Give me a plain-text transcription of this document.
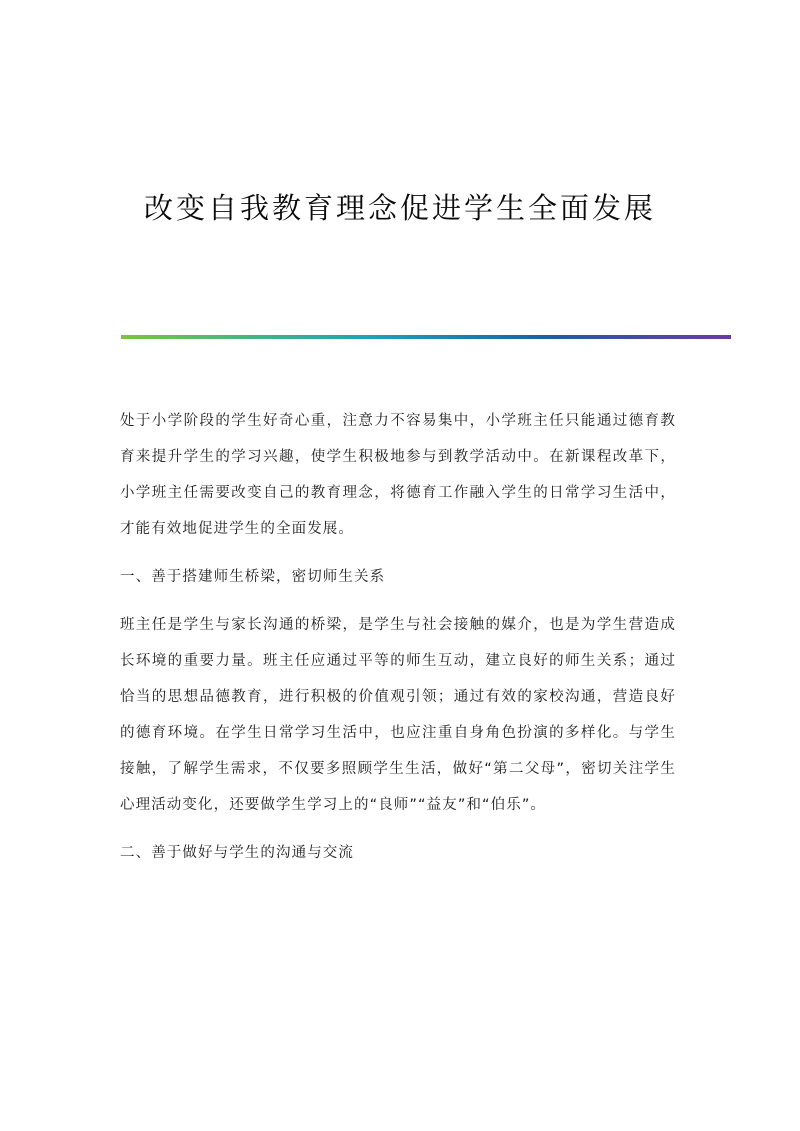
改变自我教育理念促进学生全面发展

处于小学阶段的学生好奇心重，注意力不容易集中，小学班主任只能通过德育教育来提升学生的学习兴趣，使学生积极地参与到教学活动中。在新课程改革下，小学班主任需要改变自己的教育理念，将德育工作融入学生的日常学习生活中，才能有效地促进学生的全面发展。

一、善于搭建师生桥梁，密切师生关系

班主任是学生与家长沟通的桥梁，是学生与社会接触的媒介，也是为学生营造成长环境的重要力量。班主任应通过平等的师生互动，建立良好的师生关系；通过恰当的思想品德教育，进行积极的价值观引领；通过有效的家校沟通，营造良好的德育环境。在学生日常学习生活中，也应注重自身角色扮演的多样化。与学生接触，了解学生需求，不仅要多照顾学生生活，做好“第二父母”，密切关注学生心理活动变化，还要做学生学习上的“良师”“益友”和“伯乐”。

二、善于做好与学生的沟通与交流
